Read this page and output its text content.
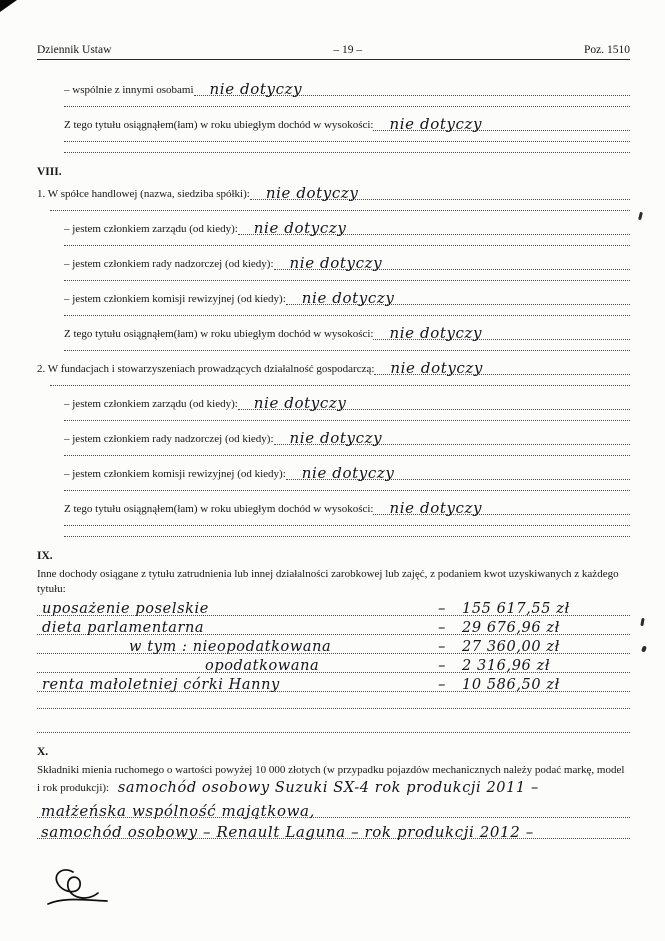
Dziennik Ustaw	– 19 –	Poz. 1510
– wspólnie z innymi osobami nie dotyczy
Z tego tytułu osiągnąłem(łam) w roku ubiegłym dochód w wysokości: nie dotyczy
VIII.
1. W spółce handlowej (nazwa, siedziba spółki): nie dotyczy
– jestem członkiem zarządu (od kiedy): nie dotyczy
– jestem członkiem rady nadzorczej (od kiedy): nie dotyczy
– jestem członkiem komisji rewizyjnej (od kiedy): nie dotyczy
Z tego tytułu osiągnąłem(łam) w roku ubiegłym dochód w wysokości: nie dotyczy
2. W fundacjach i stowarzyszeniach prowadzących działalność gospodarczą: nie dotyczy
– jestem członkiem zarządu (od kiedy): nie dotyczy
– jestem członkiem rady nadzorczej (od kiedy): nie dotyczy
– jestem członkiem komisji rewizyjnej (od kiedy): nie dotyczy
Z tego tytułu osiągnąłem(łam) w roku ubiegłym dochód w wysokości: nie dotyczy
IX.
Inne dochody osiągane z tytułu zatrudnienia lub innej działalności zarobkowej lub zajęć, z podaniem kwot uzyskiwanych z każdego tytułu:
uposażenie poselskie	– 155 617,55 zł
dieta parlamentarna	– 29 676,96 zł
w tym : nieopodatkowana	– 27 360,00 zł
opodatkowana	– 2 316,96 zł
renta małoletniej córki Hanny	– 10 586,50 zł
X.
Składniki mienia ruchomego o wartości powyżej 10 000 złotych (w przypadku pojazdów mechanicznych należy podać markę, model i rok produkcji): samochód osobowy Suzuki SX-4 rok produkcji 2011 –
małżeńska wspólność majątkowa,
samochód osobowy – Renault Laguna – rok produkcji 2012 –
